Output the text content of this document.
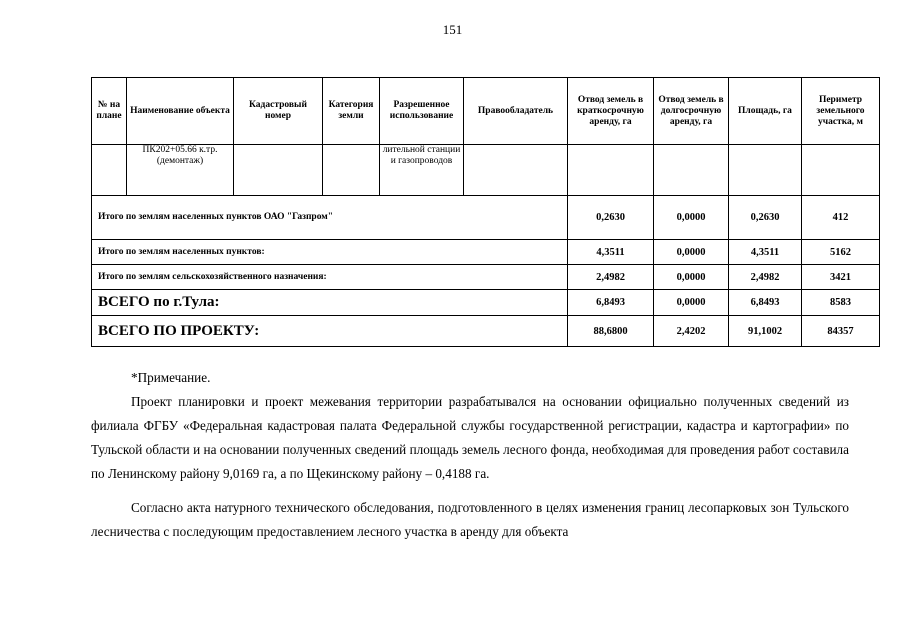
151
№ на плане	Наименование объекта	Кадастровый номер	Категория земли	Разрешенное использование	Правообладатель	Отвод земель в краткосрочную аренду, га	Отвод земель в долгосрочную аренду, га	Площадь, га	Периметр земельного участка, м
	ПК202+05.66 к.тр. (демонтаж)			лительной станции и газопроводов					
Итого по землям населенных пунктов ОАО "Газпром"						0,2630	0,0000	0,2630	412
Итого по землям населенных пунктов:						4,3511	0,0000	4,3511	5162
Итого по землям сельскохозяйственного назначения:						2,4982	0,0000	2,4982	3421
ВСЕГО по г.Тула:						6,8493	0,0000	6,8493	8583
ВСЕГО ПО ПРОЕКТУ:						88,6800	2,4202	91,1002	84357
*Примечание.
Проект планировки и проект межевания территории разрабатывался на основании официально полученных сведений из филиала ФГБУ «Федеральная кадастровая палата Федеральной службы государственной регистрации, кадастра и картографии» по Тульской области и на основании полученных сведений площадь земель лесного фонда, необходимая для проведения работ составила по Ленинскому району 9,0169 га, а по Щекинскому району – 0,4188 га.
Согласно акта натурного технического обследования, подготовленного в целях изменения границ лесопарковых зон Тульского лесничества с последующим предоставлением лесного участка в аренду для объекта
